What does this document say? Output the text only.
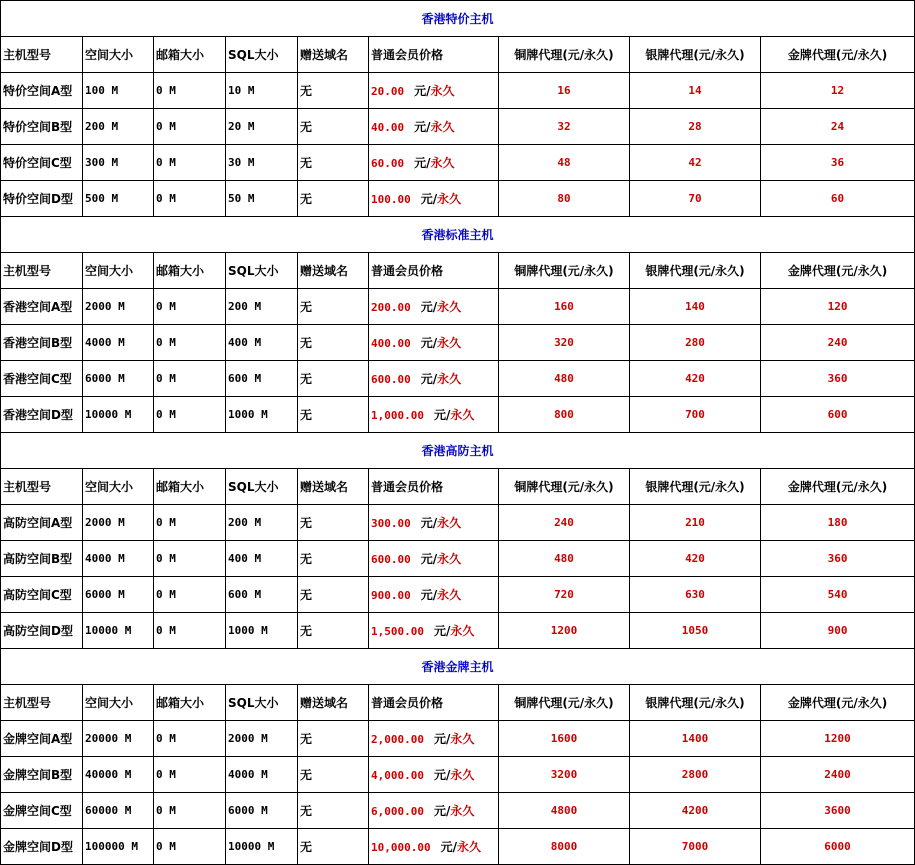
香港特价主机								
主机型号	空间大小	邮箱大小	SQL大小	赠送域名	普通会员价格	铜牌代理(元/永久)	银牌代理(元/永久)	金牌代理(元/永久)
特价空间A型	100 M	0 M	10 M	无	20.00 元/永久	16	14	12
特价空间B型	200 M	0 M	20 M	无	40.00 元/永久	32	28	24
特价空间C型	300 M	0 M	30 M	无	60.00 元/永久	48	42	36
特价空间D型	500 M	0 M	50 M	无	100.00 元/永久	80	70	60
香港标准主机								
主机型号	空间大小	邮箱大小	SQL大小	赠送域名	普通会员价格	铜牌代理(元/永久)	银牌代理(元/永久)	金牌代理(元/永久)
香港空间A型	2000 M	0 M	200 M	无	200.00 元/永久	160	140	120
香港空间B型	4000 M	0 M	400 M	无	400.00 元/永久	320	280	240
香港空间C型	6000 M	0 M	600 M	无	600.00 元/永久	480	420	360
香港空间D型	10000 M	0 M	1000 M	无	1,000.00 元/永久	800	700	600
香港高防主机								
主机型号	空间大小	邮箱大小	SQL大小	赠送域名	普通会员价格	铜牌代理(元/永久)	银牌代理(元/永久)	金牌代理(元/永久)
高防空间A型	2000 M	0 M	200 M	无	300.00 元/永久	240	210	180
高防空间B型	4000 M	0 M	400 M	无	600.00 元/永久	480	420	360
高防空间C型	6000 M	0 M	600 M	无	900.00 元/永久	720	630	540
高防空间D型	10000 M	0 M	1000 M	无	1,500.00 元/永久	1200	1050	900
香港金牌主机								
主机型号	空间大小	邮箱大小	SQL大小	赠送域名	普通会员价格	铜牌代理(元/永久)	银牌代理(元/永久)	金牌代理(元/永久)
金牌空间A型	20000 M	0 M	2000 M	无	2,000.00 元/永久	1600	1400	1200
金牌空间B型	40000 M	0 M	4000 M	无	4,000.00 元/永久	3200	2800	2400
金牌空间C型	60000 M	0 M	6000 M	无	6,000.00 元/永久	4800	4200	3600
金牌空间D型	100000 M	0 M	10000 M	无	10,000.00 元/永久	8000	7000	6000
